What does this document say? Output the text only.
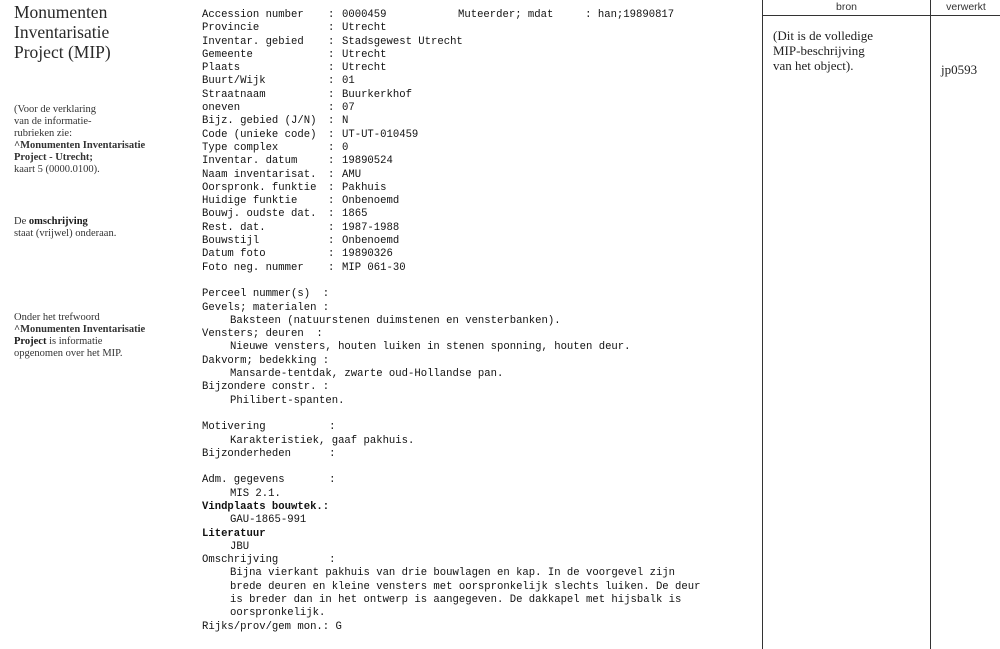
Monumenten
Inventarisatie
Project (MIP)
(Voor de verklaring
van de informatie-
rubrieken zie:
^Monumenten Inventarisatie
Project - Utrecht;
kaart 5 (0000.0100).
De omschrijving
staat (vrijwel) onderaan.
Onder het trefwoord
^Monumenten Inventarisatie
Project is informatie
opgenomen over het MIP.
Muteerder; mdat     : han;19890817
Accession number : 0000459
Provincie	: Utrecht
Inventar. gebied : Stadsgewest Utrecht
Gemeente	: Utrecht
Plaats	: Utrecht
Buurt/Wijk	: 01
Straatnaam	: Buurkerkhof
oneven	: 07
Bijz. gebied (J/N) : N
Code (unieke code) : UT-UT-010459
Type complex	: 0
Inventar. datum	: 19890524
Naam inventarisat. : AMU
Oorspronk. funktie : Pakhuis
Huidige funktie	: Onbenoemd
Bouwj. oudste dat. : 1865
Rest. dat.	: 1987-1988
Bouwstijl	: Onbenoemd
Datum foto	: 19890326
Foto neg. nummer : MIP 061-30
Perceel nummer(s)  :
Gevels; materialen :
Baksteen (natuurstenen duimstenen en vensterbanken).
Vensters; deuren  :
Nieuwe vensters, houten luiken in stenen sponning, houten deur.
Dakvorm; bedekking :
Mansarde-tentdak, zwarte oud-Hollandse pan.
Bijzondere constr. :
Philibert-spanten.
Motivering          :
Karakteristiek, gaaf pakhuis.
Bijzonderheden      :
Adm. gegevens       :
MIS 2.1.
Vindplaats bouwtek.:
GAU-1865-991
Literatuur
JBU
Omschrijving        :
Bijna vierkant pakhuis van drie bouwlagen en kap. In de voorgevel zijn
brede deuren en kleine vensters met oorspronkelijk slechts luiken. De deur
is breder dan in het ontwerp is aangegeven. De dakkapel met hijsbalk is
oorspronkelijk.
Rijks/prov/gem mon.: G
bron	verwerkt
(Dit is de volledige
MIP-beschrijving
van het object).	jp0593
